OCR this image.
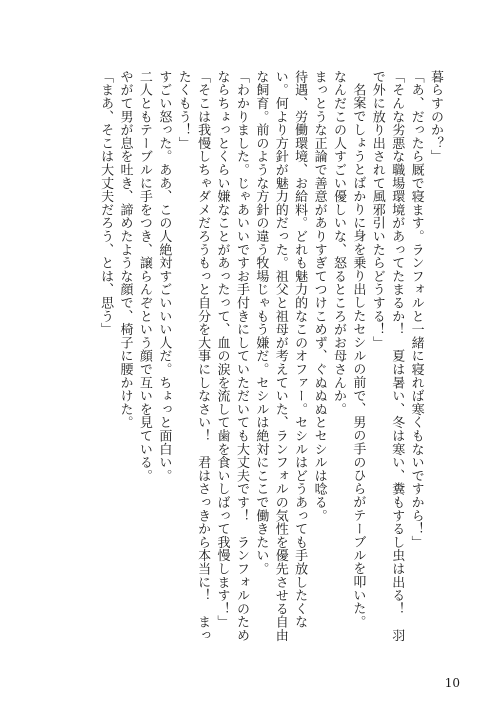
暮らすのか？」

「あ、だったら厩で寝ます。ランフォルと一緒に寝れば寒くもないですから！」

「そんな劣悪な職場環境があってたまるか！　夏は暑い、冬は寒い、糞もするし虫は出る！　羽で外に放り出されて風邪引いたらどうする！」

名案でしょうとばかりに身を乗り出したセシルの前で、男の手のひらがテーブルを叩いた。

なんだこの人すごい優しいな、怒るところがお母さんか。

まっとうな正論で善意がありすぎてつけこめず、ぐぬぬぬとセシルは唸る。

待遇、労働環境、お給料。どれも魅力的なこのオファー。セシルはどうあっても手放したくない。何より方針が魅力的だった。祖父と祖母が考えていた、ランフォルの気性を優先させる自由な飼育。前のような方針の違う牧場じゃもう嫌だ。セシルは絶対にここで働きたい。

「わかりました。じゃあいいですお手付きにしていただいても大丈夫です！　ランフォルのためならちょっとくらい嫌なことがあったって、血の涙を流して歯を食いしばって我慢します！」

「そこは我慢しちゃダメだろうもっと自分を大事にしなさい！　君はさっきから本当に！　まったくもう！」

すごい怒った。ああ、この人絶対すごいいい人だ。ちょっと面白い。

二人ともテーブルに手をつき、譲らんぞという顔で互いを見ている。

やがて男が息を吐き、諦めたような顔で、椅子に腰かけた。

「まあ、そこは大丈夫だろう、とは、思う」

10
